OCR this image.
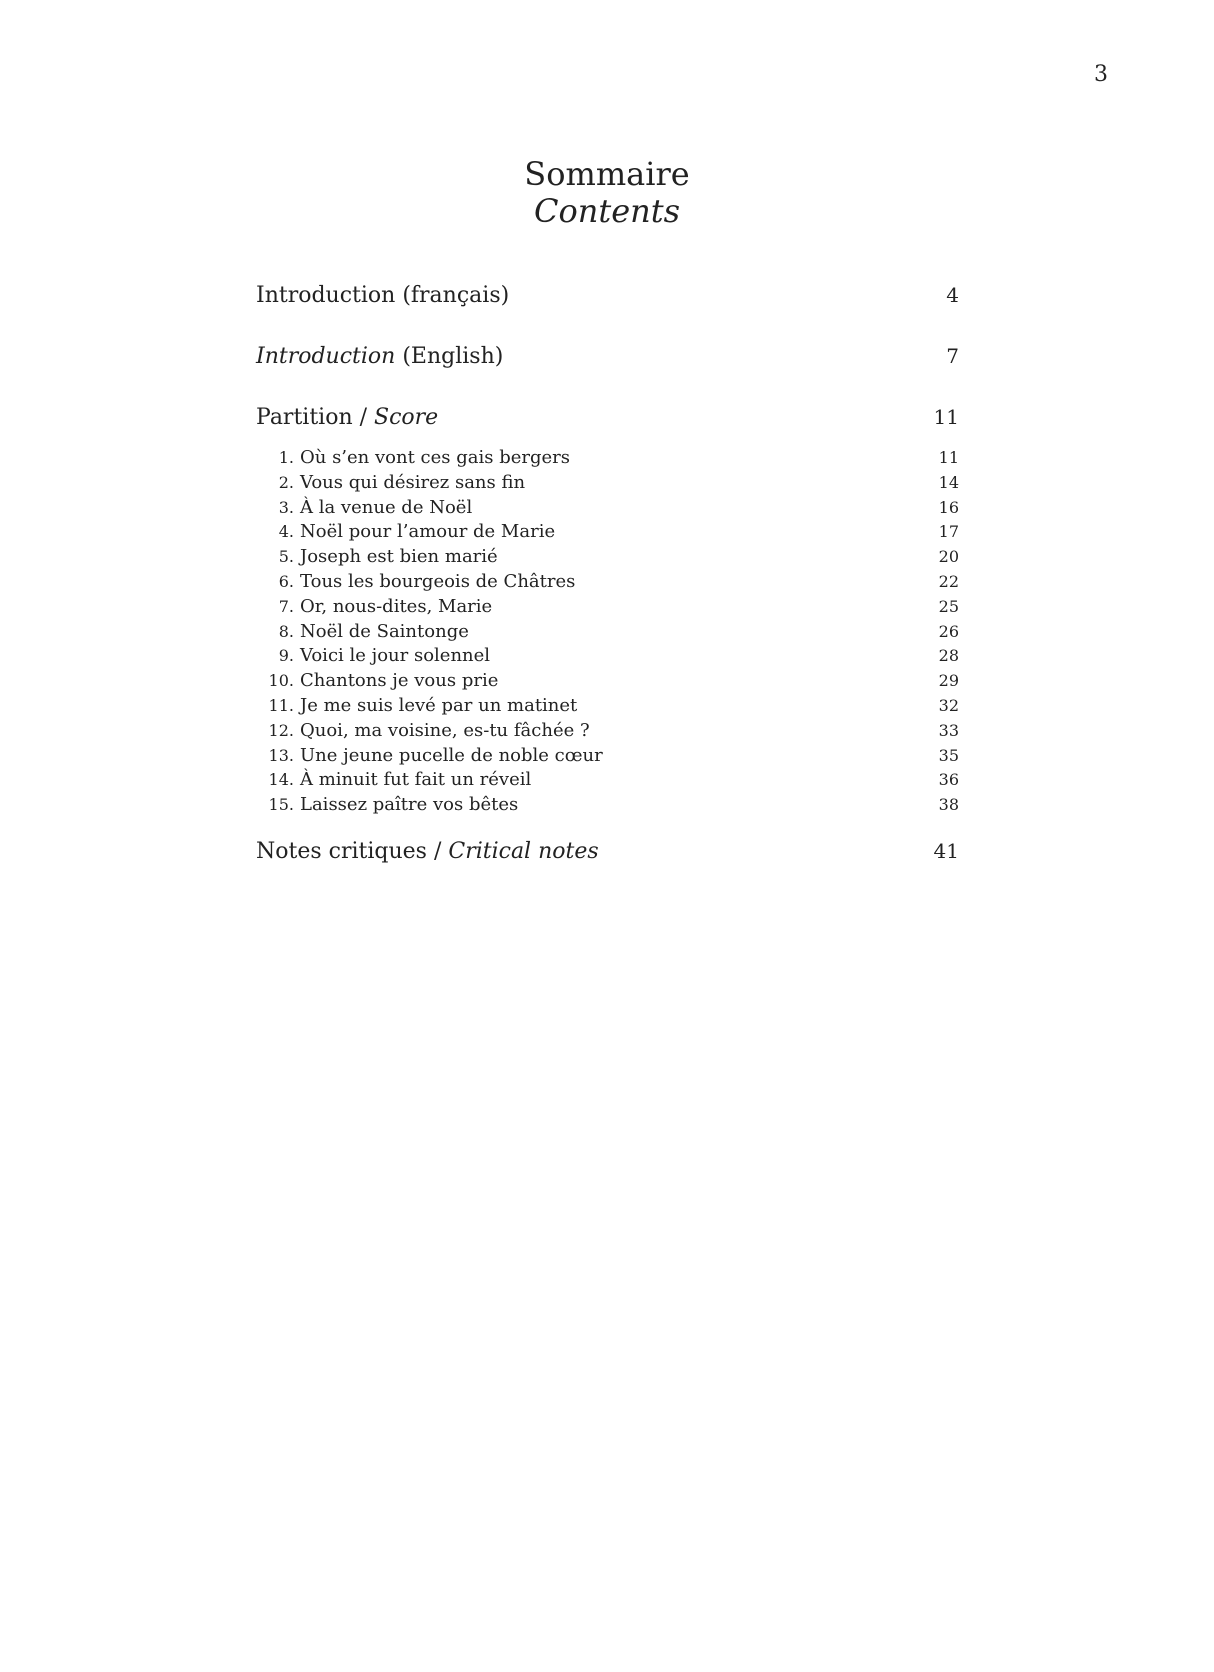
3
Sommaire
Contents
Introduction (français)	4
Introduction (English)	7
Partition / Score	11
1. Où s’en vont ces gais bergers	11
2. Vous qui désirez sans fin	14
3. À la venue de Noël	16
4. Noël pour l’amour de Marie	17
5. Joseph est bien marié	20
6. Tous les bourgeois de Châtres	22
7. Or, nous-dites, Marie	25
8. Noël de Saintonge	26
9. Voici le jour solennel	28
10. Chantons je vous prie	29
11. Je me suis levé par un matinet	32
12. Quoi, ma voisine, es-tu fâchée ?	33
13. Une jeune pucelle de noble cœur	35
14. À minuit fut fait un réveil	36
15. Laissez paître vos bêtes	38
Notes critiques / Critical notes	41
